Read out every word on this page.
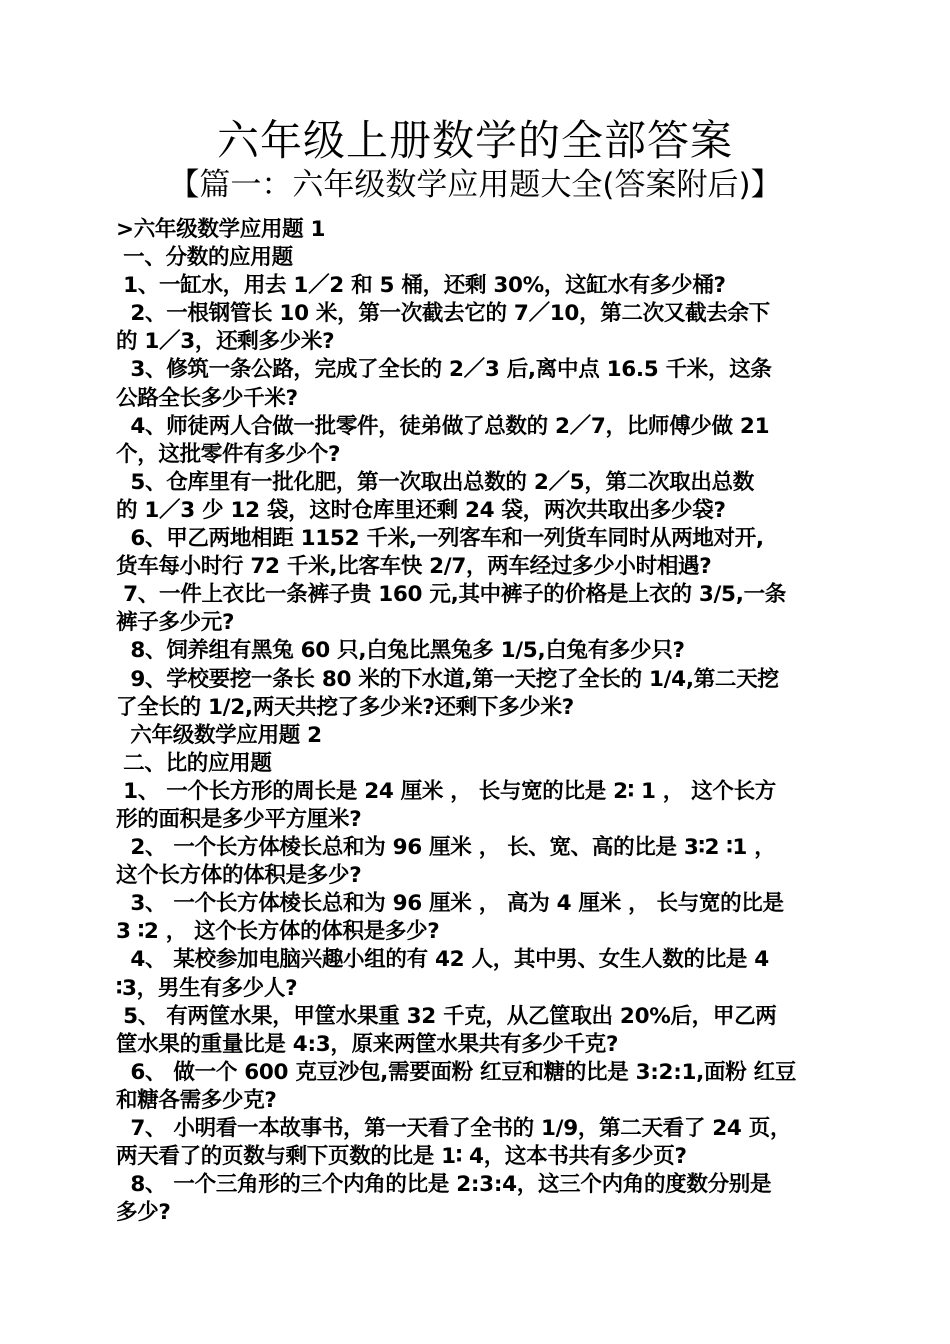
六年级上册数学的全部答案
【篇一：六年级数学应用题大全(答案附后)】
>六年级数学应用题 1
一、分数的应用题
1、一缸水，用去 1／2 和 5 桶，还剩 30%，这缸水有多少桶?
2、一根钢管长 10 米，第一次截去它的 7／10，第二次又截去余下
的 1／3，还剩多少米?
3、修筑一条公路，完成了全长的 2／3 后,离中点 16.5 千米，这条
公路全长多少千米?
4、师徒两人合做一批零件，徒弟做了总数的 2／7，比师傅少做 21
个，这批零件有多少个?
5、仓库里有一批化肥，第一次取出总数的 2／5，第二次取出总数
的 1／3 少 12 袋，这时仓库里还剩 24 袋，两次共取出多少袋?
6、甲乙两地相距 1152 千米,一列客车和一列货车同时从两地对开,
货车每小时行 72 千米,比客车快 2/7，两车经过多少小时相遇?
7、一件上衣比一条裤子贵 160 元,其中裤子的价格是上衣的 3/5,一条
裤子多少元?
8、饲养组有黑兔 60 只,白兔比黑兔多 1/5,白兔有多少只?
9、学校要挖一条长 80 米的下水道,第一天挖了全长的 1/4,第二天挖
了全长的 1/2,两天共挖了多少米?还剩下多少米?
六年级数学应用题 2
二、比的应用题
1、 一个长方形的周长是 24 厘米 ， 长与宽的比是 2∶ 1 ， 这个长方
形的面积是多少平方厘米?
2、 一个长方体棱长总和为 96 厘米 ， 长、宽、高的比是 3∶2 ∶1 ，
这个长方体的体积是多少?
3、 一个长方体棱长总和为 96 厘米 ， 高为 4 厘米 ， 长与宽的比是
3 ∶2 ， 这个长方体的体积是多少?
4、 某校参加电脑兴趣小组的有 42 人，其中男、女生人数的比是 4
∶3，男生有多少人?
5、 有两筐水果，甲筐水果重 32 千克，从乙筐取出 20%后，甲乙两
筐水果的重量比是 4:3，原来两筐水果共有多少千克?
6、 做一个 600 克豆沙包,需要面粉 红豆和糖的比是 3:2:1,面粉 红豆
和糖各需多少克?
7、 小明看一本故事书，第一天看了全书的 1/9，第二天看了 24 页，
两天看了的页数与剩下页数的比是 1∶ 4，这本书共有多少页?
8、 一个三角形的三个内角的比是 2:3:4，这三个内角的度数分别是
多少?
